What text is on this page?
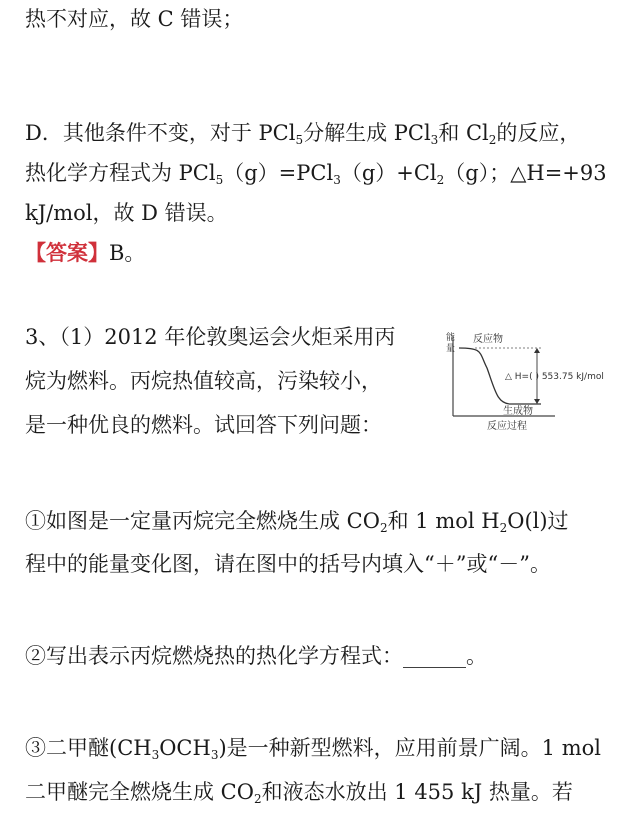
热不对应，故 C 错误；
D．其他条件不变，对于 PCl$_5$分解生成 PCl$_3$和 $Cl_2$的反应，
热化学方程式为 $PCl_5(g)=PCl_3(g)+Cl_2(g)$；△H=+93
kJ/mol，故 D 错误。
【答案】B。
3、（1）2012 年伦敦奥运会火炬采用丙
烷为燃料。丙烷热值较高，污染较小，
是一种优良的燃料。试回答下列问题：
能
量
反应物
生成物
反应过程
△ H=( ) 553.75 kJ/mol
①如图是一定量丙烷完全燃烧生成 $CO_2$和 1 mol $H_2O(l)$过
程中的能量变化图，请在图中的括号内填入“＋”或“－”。
②写出表示丙烷燃烧热的热化学方程式：______。
③二甲醚$(CH_3OCH_3)$是一种新型燃料，应用前景广阔。1 mol
二甲醚完全燃烧生成 $CO_2$和液态水放出 1 455 kJ 热量。若
